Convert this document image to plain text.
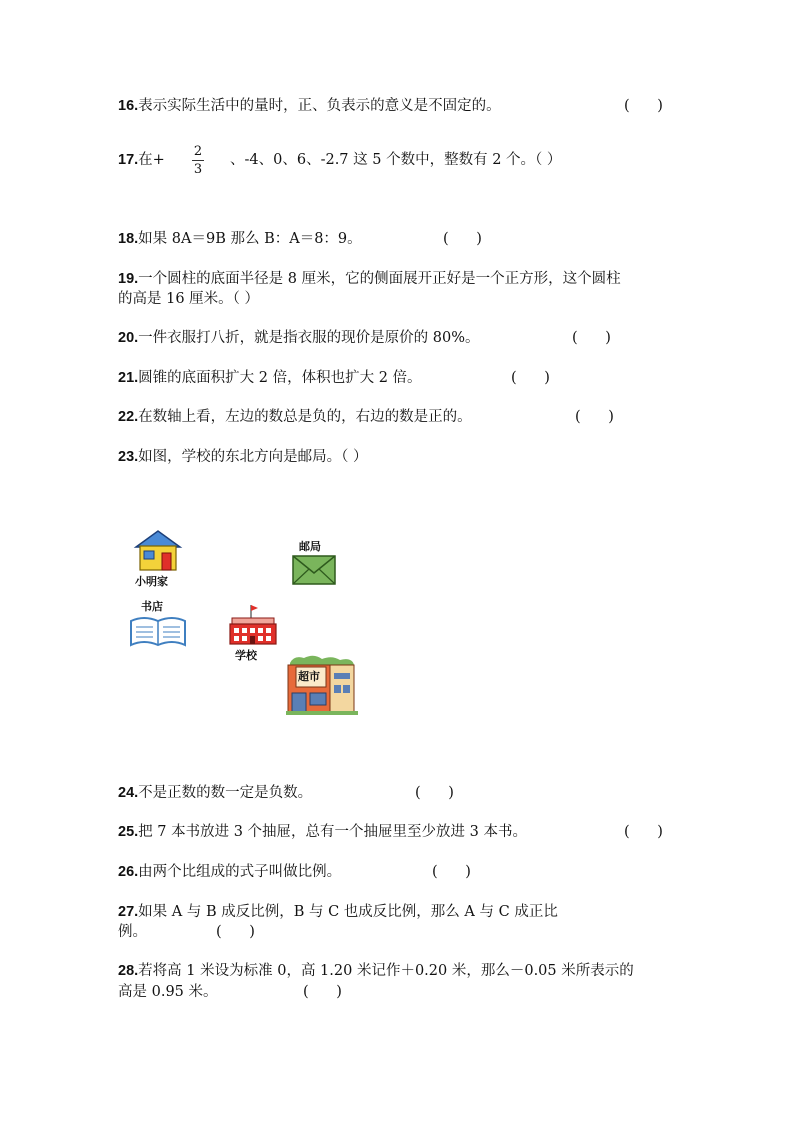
16.表示实际生活中的量时，正、负表示的意义是不固定的。	(      )
17.在+
2
3
、-4、0、6、-2.7 这 5 个数中，整数有 2 个。（ ）
18.如果 8A＝9B 那么 B：A＝8：9。	(      )
19.一个圆柱的底面半径是 8 厘米，它的侧面展开正好是一个正方形，这个圆柱
的高是 16 厘米。（ ）
20.一件衣服打八折，就是指衣服的现价是原价的 80%。	(      )
21.圆锥的底面积扩大 2 倍，体积也扩大 2 倍。	(      )
22.在数轴上看，左边的数总是负的，右边的数是正的。	(      )
23.如图，学校的东北方向是邮局。（ ）
小明家
邮局
书店
学校
超市
24.不是正数的数一定是负数。	(      )
25.把 7 本书放进 3 个抽屉，总有一个抽屉里至少放进 3 本书。	(      )
26.由两个比组成的式子叫做比例。	(      )
27.如果 A 与 B 成反比例，B 与 C 也成反比例，那么 A 与 C 成正比
例。	(      )
28.若将高 1 米设为标准 0，高 1.20 米记作＋0.20 米，那么－0.05 米所表示的
高是 0.95 米。	(      )
